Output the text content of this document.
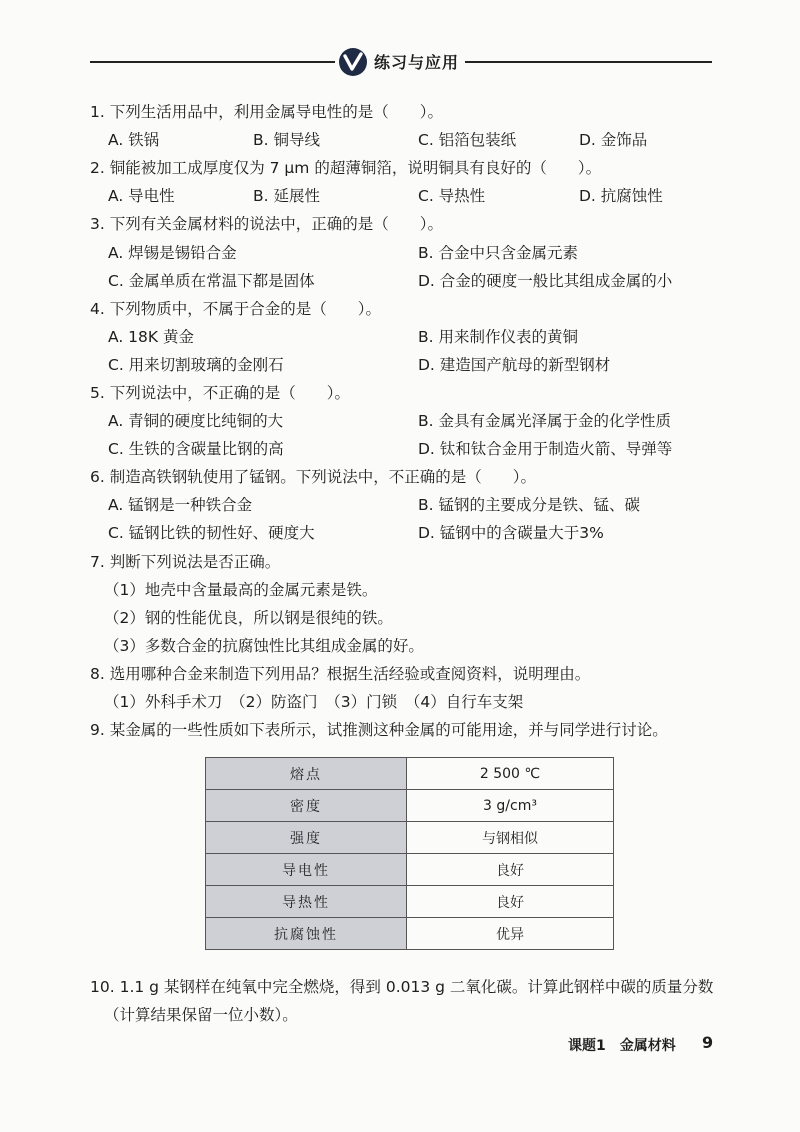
练习与应用
1. 下列生活用品中，利用金属导电性的是（　　）。
A. 铁锅	B. 铜导线	C. 铝箔包装纸	D. 金饰品
2. 铜能被加工成厚度仅为 7 μm 的超薄铜箔，说明铜具有良好的（　　）。
A. 导电性	B. 延展性	C. 导热性	D. 抗腐蚀性
3. 下列有关金属材料的说法中，正确的是（　　）。
A. 焊锡是锡铅合金	B. 合金中只含金属元素
C. 金属单质在常温下都是固体	D. 合金的硬度一般比其组成金属的小
4. 下列物质中，不属于合金的是（　　）。
A. 18K 黄金	B. 用来制作仪表的黄铜
C. 用来切割玻璃的金刚石	D. 建造国产航母的新型钢材
5. 下列说法中，不正确的是（　　）。
A. 青铜的硬度比纯铜的大	B. 金具有金属光泽属于金的化学性质
C. 生铁的含碳量比钢的高	D. 钛和钛合金用于制造火箭、导弹等
6. 制造高铁钢轨使用了锰钢。下列说法中，不正确的是（　　）。
A. 锰钢是一种铁合金	B. 锰钢的主要成分是铁、锰、碳
C. 锰钢比铁的韧性好、硬度大	D. 锰钢中的含碳量大于3%
7. 判断下列说法是否正确。
（1）地壳中含量最高的金属元素是铁。
（2）钢的性能优良，所以钢是很纯的铁。
（3）多数合金的抗腐蚀性比其组成金属的好。
8. 选用哪种合金来制造下列用品？根据生活经验或查阅资料，说明理由。
（1）外科手术刀　（2）防盗门　（3）门锁　（4）自行车支架
9. 某金属的一些性质如下表所示，试推测这种金属的可能用途，并与同学进行讨论。
熔点	2 500 ℃
密度	3 g/cm³
强度	与钢相似
导电性	良好
导热性	良好
抗腐蚀性	优异
10. 1.1 g 某钢样在纯氧中完全燃烧，得到 0.013 g 二氧化碳。计算此钢样中碳的质量分数
（计算结果保留一位小数）。
课题1　金属材料 9
